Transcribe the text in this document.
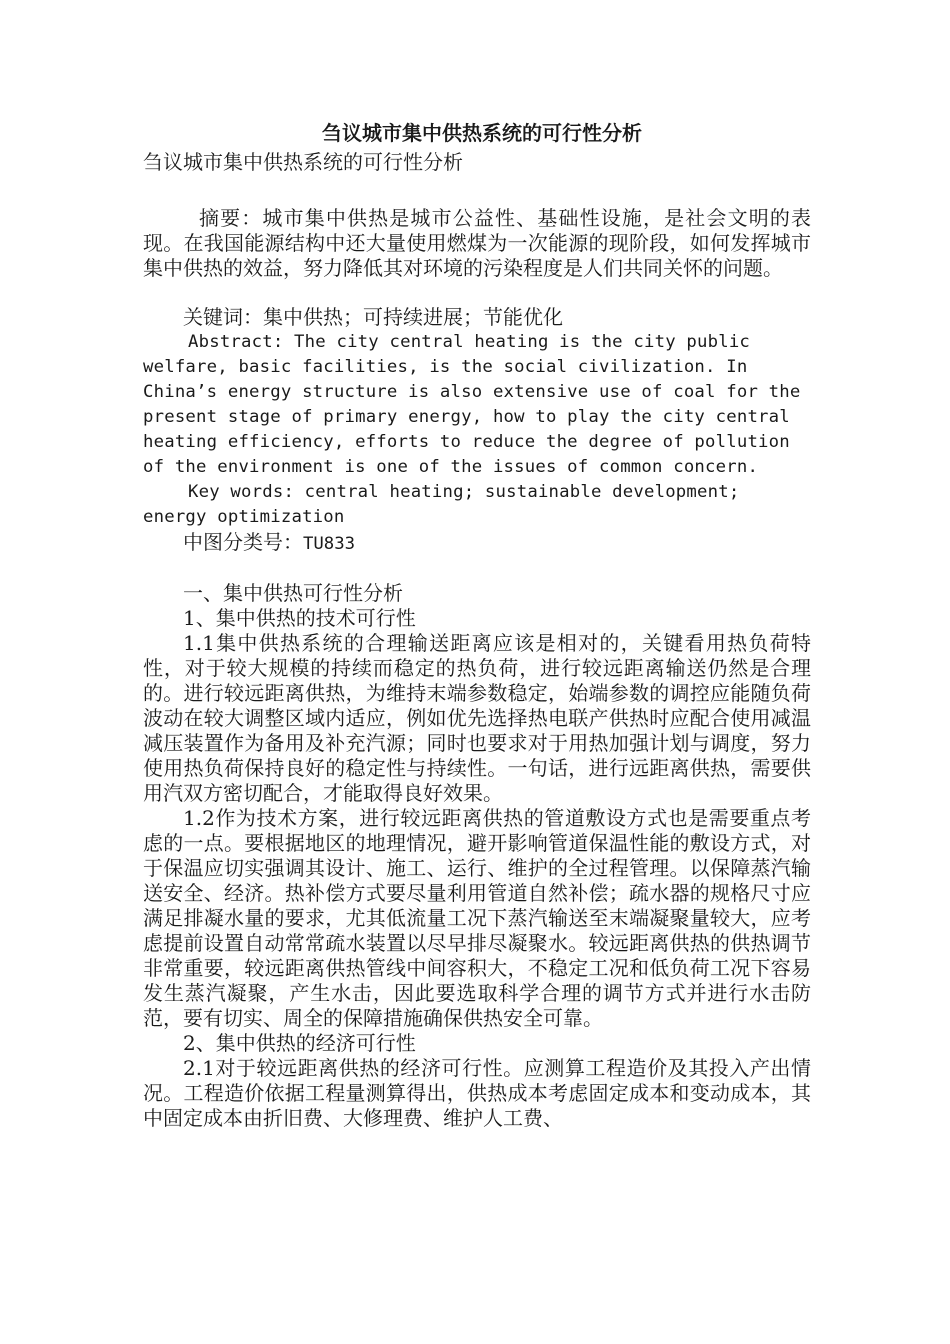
刍议城市集中供热系统的可行性分析

刍议城市集中供热系统的可行性分析

摘要：城市集中供热是城市公益性、基础性设施，是社会文明的表现。在我国能源结构中还大量使用燃煤为一次能源的现阶段，如何发挥城市集中供热的效益，努力降低其对环境的污染程度是人们共同关怀的问题。

关键词：集中供热；可持续进展；节能优化

Abstract: The city central heating is the city public welfare, basic facilities, is the social civilization. In China’s energy structure is also extensive use of coal for the present stage of primary energy, how to play the city central heating efficiency, efforts to reduce the degree of pollution of the environment is one of the issues of common concern.

Key words: central heating; sustainable development; energy optimization

中图分类号：TU833

一、集中供热可行性分析

1、集中供热的技术可行性

1.1集中供热系统的合理输送距离应该是相对的，关键看用热负荷特性，对于较大规模的持续而稳定的热负荷，进行较远距离输送仍然是合理的。进行较远距离供热，为维持末端参数稳定，始端参数的调控应能随负荷波动在较大调整区域内适应，例如优先选择热电联产供热时应配合使用减温减压装置作为备用及补充汽源；同时也要求对于用热加强计划与调度，努力使用热负荷保持良好的稳定性与持续性。一句话，进行远距离供热，需要供用汽双方密切配合，才能取得良好效果。

1.2作为技术方案，进行较远距离供热的管道敷设方式也是需要重点考虑的一点。要根据地区的地理情况，避开影响管道保温性能的敷设方式，对于保温应切实强调其设计、施工、运行、维护的全过程管理。以保障蒸汽输送安全、经济。热补偿方式要尽量利用管道自然补偿；疏水器的规格尺寸应满足排凝水量的要求，尤其低流量工况下蒸汽输送至末端凝聚量较大，应考虑提前设置自动常常疏水装置以尽早排尽凝聚水。较远距离供热的供热调节非常重要，较远距离供热管线中间容积大，不稳定工况和低负荷工况下容易发生蒸汽凝聚，产生水击，因此要选取科学合理的调节方式并进行水击防范，要有切实、周全的保障措施确保供热安全可靠。

2、集中供热的经济可行性

2.1对于较远距离供热的经济可行性。应测算工程造价及其投入产出情况。工程造价依据工程量测算得出，供热成本考虑固定成本和变动成本，其中固定成本由折旧费、大修理费、维护人工费、
